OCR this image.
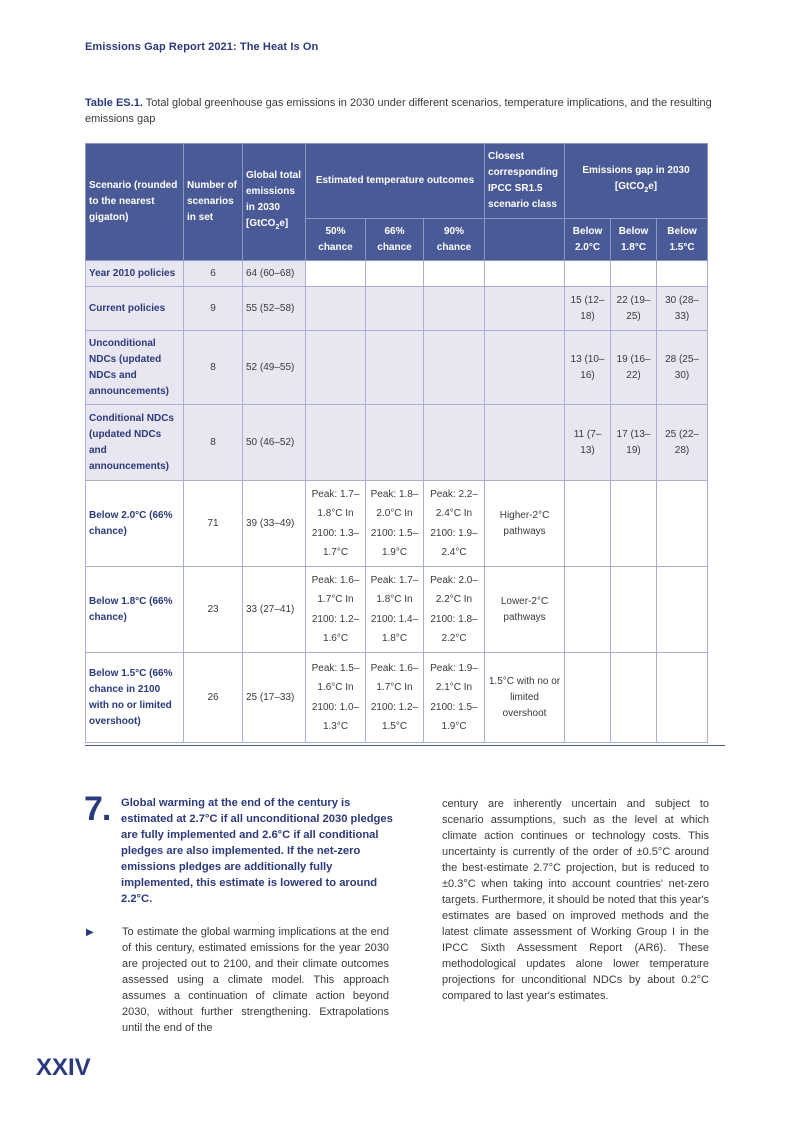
Emissions Gap Report 2021: The Heat Is On
Table ES.1. Total global greenhouse gas emissions in 2030 under different scenarios, temperature implications, and the resulting emissions gap
Scenario (rounded to the nearest gigaton)	Number of scenarios in set	Global total emissions in 2030 [GtCO$_2$e]	Estimated temperature outcomes			Closest corresponding IPCC SR1.5 scenario class	Emissions gap in 2030 [GtCO$_2$e]		
			50% chance	66% chance	90% chance		Below 2.0°C	Below 1.8°C	Below 1.5°C
Year 2010 policies	6	64 (60–68)							
Current policies	9	55 (52–58)					15 (12–18)	22 (19–25)	30 (28–33)
Unconditional NDCs (updated NDCs and announcements)	8	52 (49–55)					13 (10–16)	19 (16–22)	28 (25–30)
Conditional NDCs (updated NDCs and announcements)	8	50 (46–52)					11 (7–13)	17 (13–19)	25 (22–28)
Below 2.0°C (66% chance)	71	39 (33–49)	Peak: 1.7–1.8°C In 2100: 1.3–1.7°C	Peak: 1.8–2.0°C In 2100: 1.5–1.9°C	Peak: 2.2–2.4°C In 2100: 1.9–2.4°C	Higher-2°C pathways			
Below 1.8°C (66% chance)	23	33 (27–41)	Peak: 1.6–1.7°C In 2100: 1.2–1.6°C	Peak: 1.7–1.8°C In 2100: 1.4–1.8°C	Peak: 2.0–2.2°C In 2100: 1.8–2.2°C	Lower-2°C pathways			
Below 1.5°C (66% chance in 2100 with no or limited overshoot)	26	25 (17–33)	Peak: 1.5–1.6°C In 2100: 1.0–1.3°C	Peak: 1.6–1.7°C In 2100: 1.2–1.5°C	Peak: 1.9–2.1°C In 2100: 1.5–1.9°C	1.5°C with no or limited overshoot			
7. Global warming at the end of the century is estimated at 2.7°C if all unconditional 2030 pledges are fully implemented and 2.6°C if all conditional pledges are also implemented. If the net-zero emissions pledges are additionally fully implemented, this estimate is lowered to around 2.2°C.
▶	To estimate the global warming implications at the end of this century, estimated emissions for the year 2030 are projected out to 2100, and their climate outcomes assessed using a climate model. This approach assumes a continuation of climate action beyond 2030, without further strengthening. Extrapolations until the end of the
century are inherently uncertain and subject to scenario assumptions, such as the level at which climate action continues or technology costs. This uncertainty is currently of the order of ±0.5°C around the best-estimate 2.7°C projection, but is reduced to ±0.3°C when taking into account countries' net-zero targets. Furthermore, it should be noted that this year's estimates are based on improved methods and the latest climate assessment of Working Group I in the IPCC Sixth Assessment Report (AR6). These methodological updates alone lower temperature projections for unconditional NDCs by about 0.2°C compared to last year's estimates.
XXIV
